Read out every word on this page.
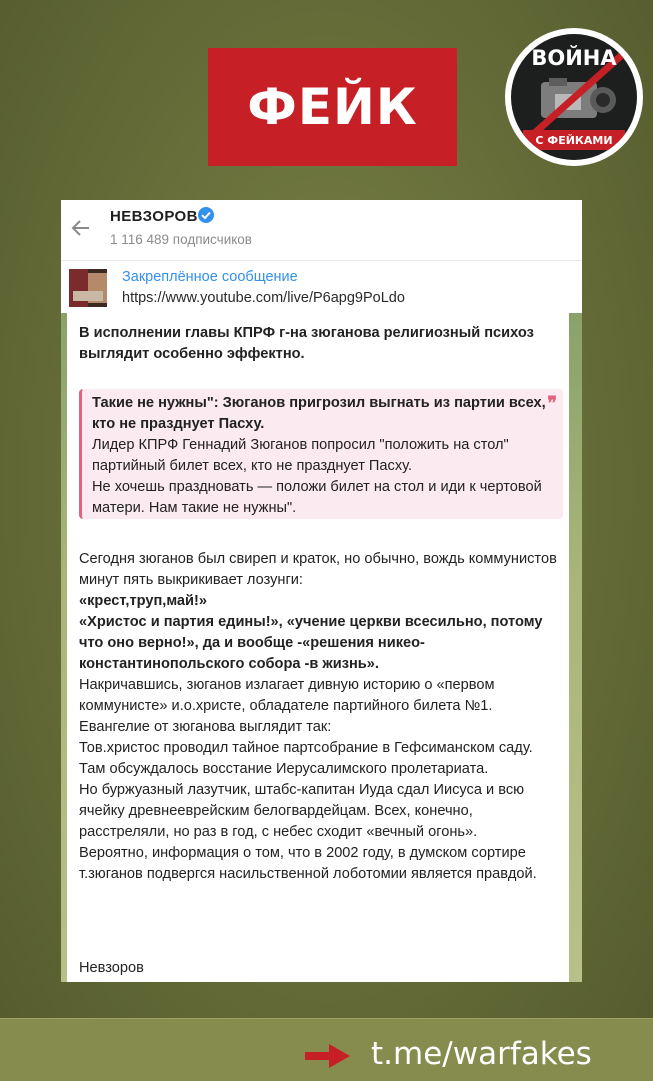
ФЕЙК
ВОЙНА
С ФЕЙКАМИ
НЕВЗОРОВ
1 116 489 подписчиков
Закреплённое сообщение
https://www.youtube.com/live/P6apg9PoLdo

В исполнении главы КПРФ г-на зюганова религиозный психоз выглядит особенно эффектно.

❞

Такие не нужны": Зюганов пригрозил выгнать из партии всех, кто не празднует Пасху.

Лидер КПРФ Геннадий Зюганов попросил "положить на стол" партийный билет всех, кто не празднует Пасху.

Не хочешь праздновать — положи билет на стол и иди к чертовой матери. Нам такие не нужны".

Сегодня зюганов был свиреп и краток, но обычно, вождь коммунистов минут пять выкрикивает лозунги:

«крест,труп,май!»

«Христос и партия едины!», «учение церкви всесильно, потому что оно верно!», да и вообще -«решения никео-константинопольского собора -в жизнь».

Накричавшись, зюганов излагает дивную историю о «первом коммунисте» и.о.христе, обладателе партийного билета №1.

Евангелие от зюганова выглядит так:

Тов.христос проводил тайное партсобрание в Гефсиманском саду. Там обсуждалось восстание Иерусалимского пролетариата.

Но буржуазный лазутчик, штабс-капитан Иуда сдал Иисуса и всю ячейку древнееврейским белогвардейцам. Всех, конечно, расстреляли, но раз в год, с небес сходит «вечный огонь».

Вероятно, информация о том, что в 2002 году, в думском сортире т.зюганов подвергся насильственной лоботомии является правдой.

Невзоров

t.me/warfakes
